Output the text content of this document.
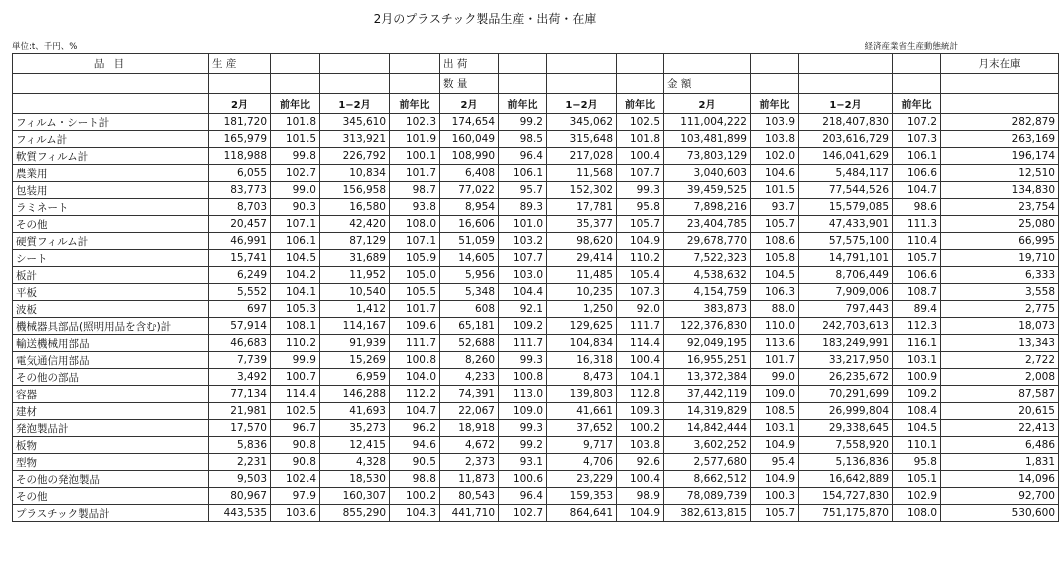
2月のプラスチック製品生産・出荷・在庫
単位:t、千円、%	経済産業省生産動態統計
品 目	生 産				出 荷								月末在庫
					数 量				金 額				
	2月	前年比	1−2月	前年比	2月	前年比	1−2月	前年比	2月	前年比	1−2月	前年比	
フィルム・シート計	181,720	101.8	345,610	102.3	174,654	99.2	345,062	102.5	111,004,222	103.9	218,407,830	107.2	282,879
フィルム計	165,979	101.5	313,921	101.9	160,049	98.5	315,648	101.8	103,481,899	103.8	203,616,729	107.3	263,169
軟質フィルム計	118,988	99.8	226,792	100.1	108,990	96.4	217,028	100.4	73,803,129	102.0	146,041,629	106.1	196,174
農業用	6,055	102.7	10,834	101.7	6,408	106.1	11,568	107.7	3,040,603	104.6	5,484,117	106.6	12,510
包装用	83,773	99.0	156,958	98.7	77,022	95.7	152,302	99.3	39,459,525	101.5	77,544,526	104.7	134,830
ラミネート	8,703	90.3	16,580	93.8	8,954	89.3	17,781	95.8	7,898,216	93.7	15,579,085	98.6	23,754
その他	20,457	107.1	42,420	108.0	16,606	101.0	35,377	105.7	23,404,785	105.7	47,433,901	111.3	25,080
硬質フィルム計	46,991	106.1	87,129	107.1	51,059	103.2	98,620	104.9	29,678,770	108.6	57,575,100	110.4	66,995
シート	15,741	104.5	31,689	105.9	14,605	107.7	29,414	110.2	7,522,323	105.8	14,791,101	105.7	19,710
板計	6,249	104.2	11,952	105.0	5,956	103.0	11,485	105.4	4,538,632	104.5	8,706,449	106.6	6,333
平板	5,552	104.1	10,540	105.5	5,348	104.4	10,235	107.3	4,154,759	106.3	7,909,006	108.7	3,558
波板	697	105.3	1,412	101.7	608	92.1	1,250	92.0	383,873	88.0	797,443	89.4	2,775
機械器具部品(照明用品を含む)計	57,914	108.1	114,167	109.6	65,181	109.2	129,625	111.7	122,376,830	110.0	242,703,613	112.3	18,073
輸送機械用部品	46,683	110.2	91,939	111.7	52,688	111.7	104,834	114.4	92,049,195	113.6	183,249,991	116.1	13,343
電気通信用部品	7,739	99.9	15,269	100.8	8,260	99.3	16,318	100.4	16,955,251	101.7	33,217,950	103.1	2,722
その他の部品	3,492	100.7	6,959	104.0	4,233	100.8	8,473	104.1	13,372,384	99.0	26,235,672	100.9	2,008
容器	77,134	114.4	146,288	112.2	74,391	113.0	139,803	112.8	37,442,119	109.0	70,291,699	109.2	87,587
建材	21,981	102.5	41,693	104.7	22,067	109.0	41,661	109.3	14,319,829	108.5	26,999,804	108.4	20,615
発泡製品計	17,570	96.7	35,273	96.2	18,918	99.3	37,652	100.2	14,842,444	103.1	29,338,645	104.5	22,413
板物	5,836	90.8	12,415	94.6	4,672	99.2	9,717	103.8	3,602,252	104.9	7,558,920	110.1	6,486
型物	2,231	90.8	4,328	90.5	2,373	93.1	4,706	92.6	2,577,680	95.4	5,136,836	95.8	1,831
その他の発泡製品	9,503	102.4	18,530	98.8	11,873	100.6	23,229	100.4	8,662,512	104.9	16,642,889	105.1	14,096
その他	80,967	97.9	160,307	100.2	80,543	96.4	159,353	98.9	78,089,739	100.3	154,727,830	102.9	92,700
プラスチック製品計	443,535	103.6	855,290	104.3	441,710	102.7	864,641	104.9	382,613,815	105.7	751,175,870	108.0	530,600
